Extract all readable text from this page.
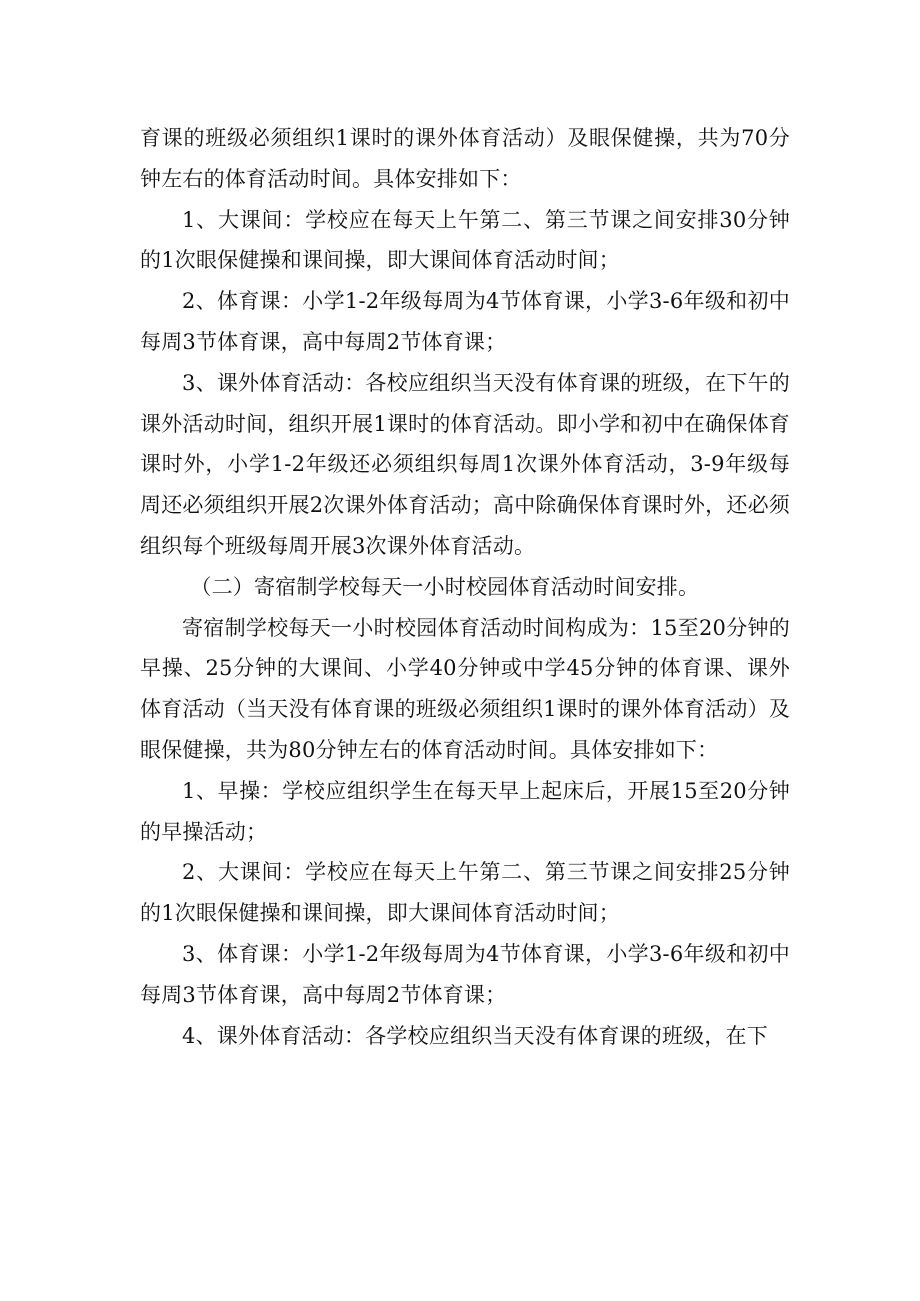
育课的班级必须组织1课时的课外体育活动）及眼保健操，共为70分钟左右的体育活动时间。具体安排如下：

1、大课间：学校应在每天上午第二、第三节课之间安排30分钟的1次眼保健操和课间操，即大课间体育活动时间；

2、体育课：小学1-2年级每周为4节体育课，小学3-6年级和初中每周3节体育课，高中每周2节体育课；

3、课外体育活动：各校应组织当天没有体育课的班级，在下午的课外活动时间，组织开展1课时的体育活动。即小学和初中在确保体育课时外，小学1-2年级还必须组织每周1次课外体育活动，3-9年级每周还必须组织开展2次课外体育活动；高中除确保体育课时外，还必须组织每个班级每周开展3次课外体育活动。

（二）寄宿制学校每天一小时校园体育活动时间安排。

寄宿制学校每天一小时校园体育活动时间构成为：15至20分钟的早操、25分钟的大课间、小学40分钟或中学45分钟的体育课、课外体育活动（当天没有体育课的班级必须组织1课时的课外体育活动）及眼保健操，共为80分钟左右的体育活动时间。具体安排如下：

1、早操：学校应组织学生在每天早上起床后，开展15至20分钟的早操活动；

2、大课间：学校应在每天上午第二、第三节课之间安排25分钟的1次眼保健操和课间操，即大课间体育活动时间；

3、体育课：小学1-2年级每周为4节体育课，小学3-6年级和初中每周3节体育课，高中每周2节体育课；

4、课外体育活动：各学校应组织当天没有体育课的班级，在下
